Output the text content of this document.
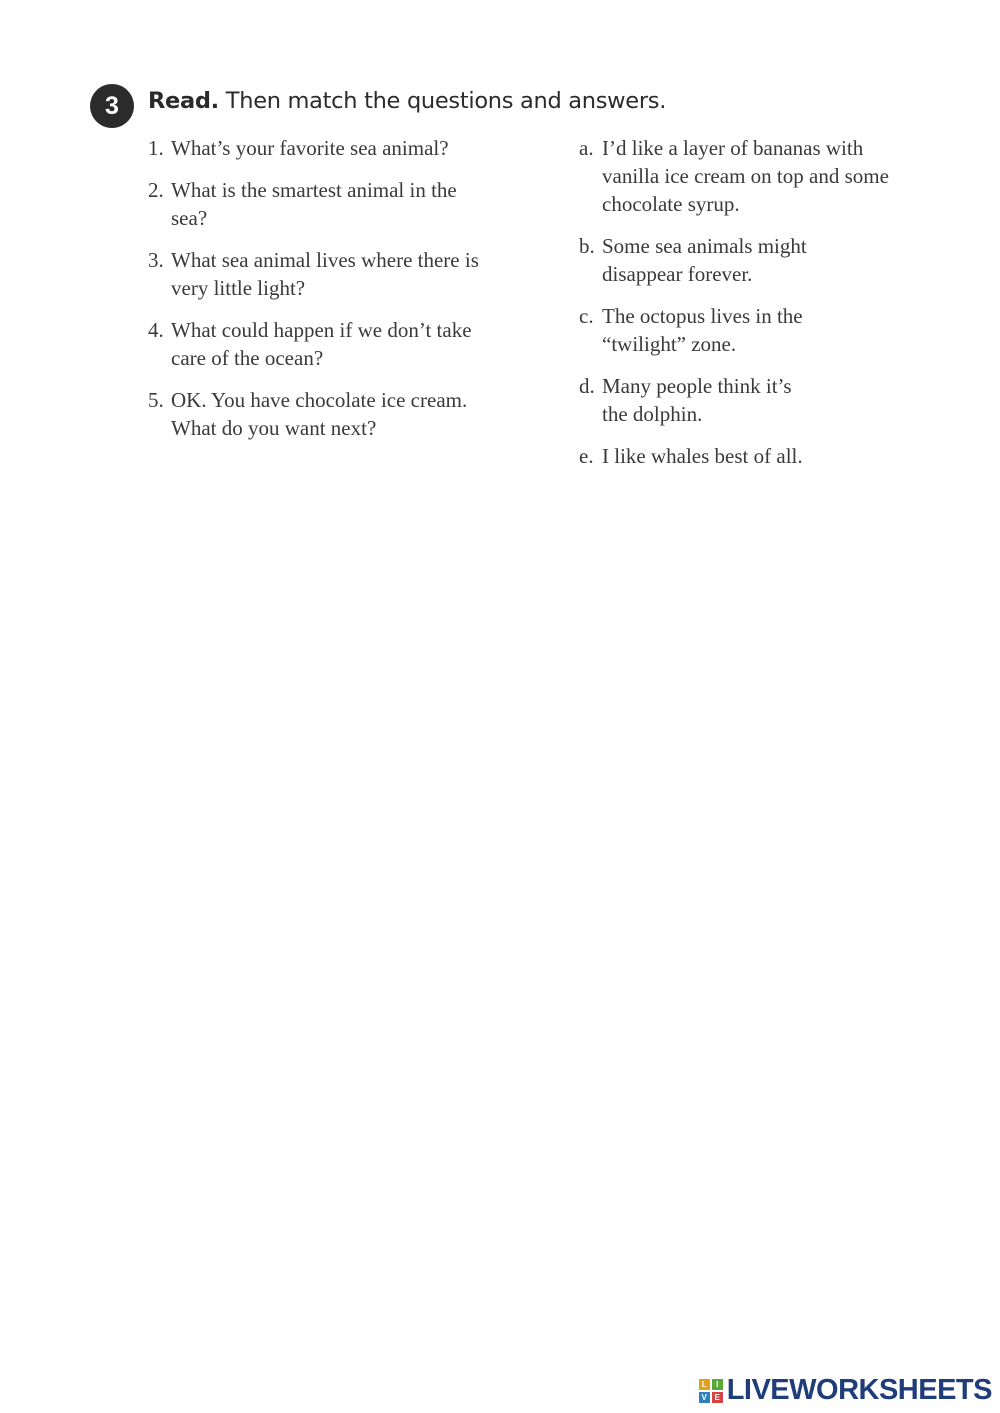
3	Read. Then match the questions and answers.
1. What’s your favorite sea animal?
2. What is the smartest animal in the sea?
3. What sea animal lives where there is very little light?
4. What could happen if we don’t take care of the ocean?
5. OK. You have chocolate ice cream. What do you want next?
a. I’d like a layer of bananas with vanilla ice cream on top and some chocolate syrup.
b. Some sea animals might disappear forever.
c. The octopus lives in the “twilight” zone.
d. Many people think it’s the dolphin.
e. I like whales best of all.
L	I
V E LIVEWORKSHEETS
